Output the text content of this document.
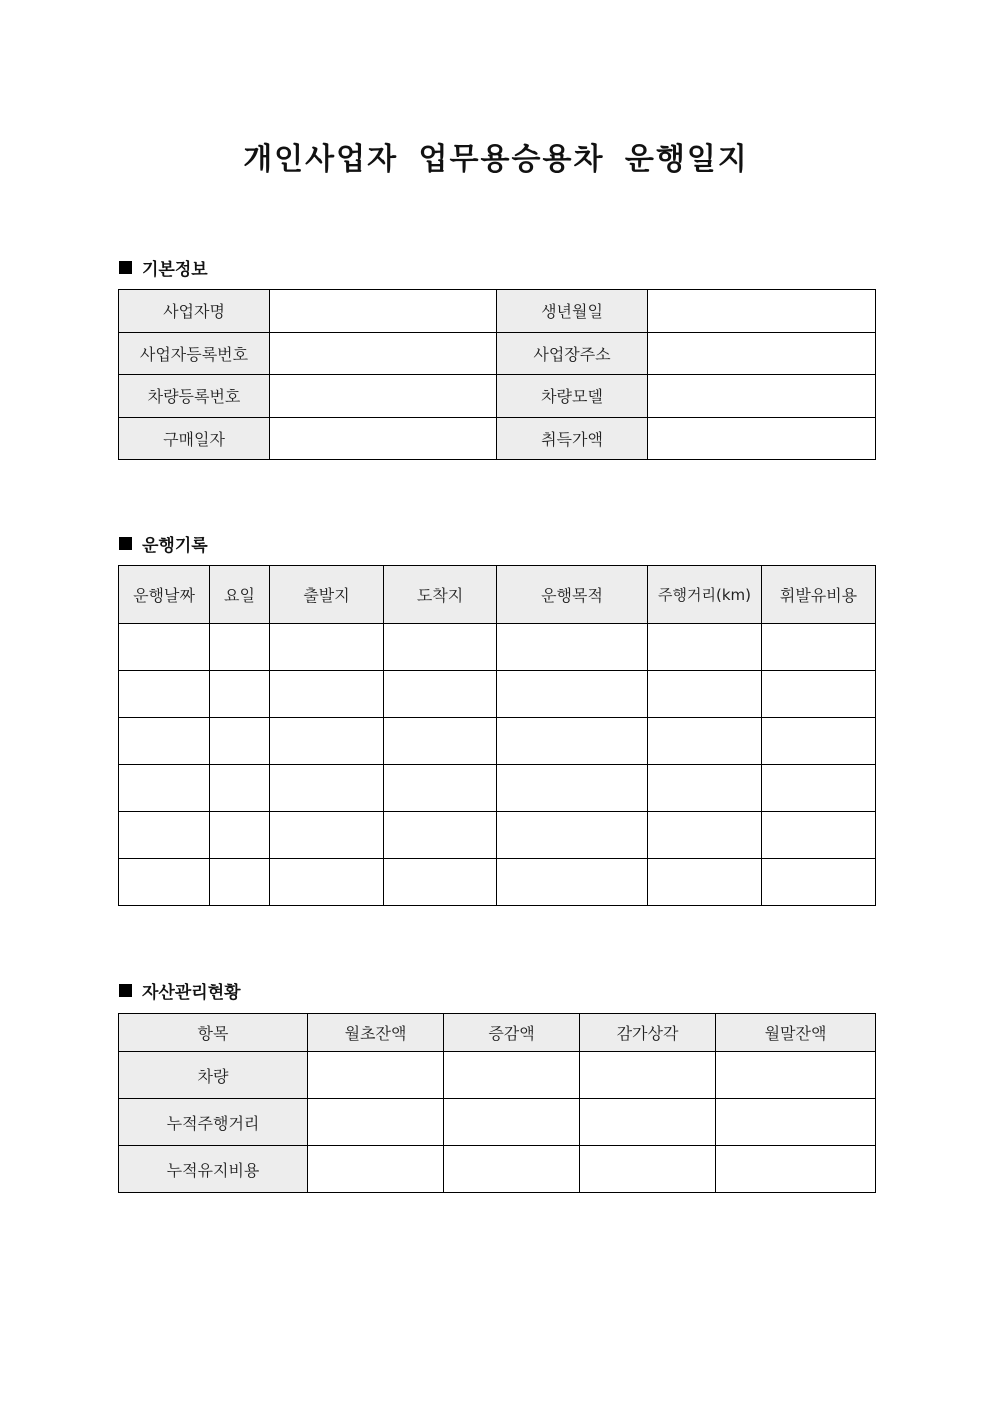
개인사업자 업무용승용차 운행일지
기본정보
사업자명		생년월일	
사업자등록번호		사업장주소	
차량등록번호		차량모델	
구매일자		취득가액	
운행기록
운행날짜	요일	출발지	도착지	운행목적	주행거리(km)	휘발유비용

자산관리현황
항목	월초잔액	증감액	감가상각	월말잔액
차량				
누적주행거리				
누적유지비용				
